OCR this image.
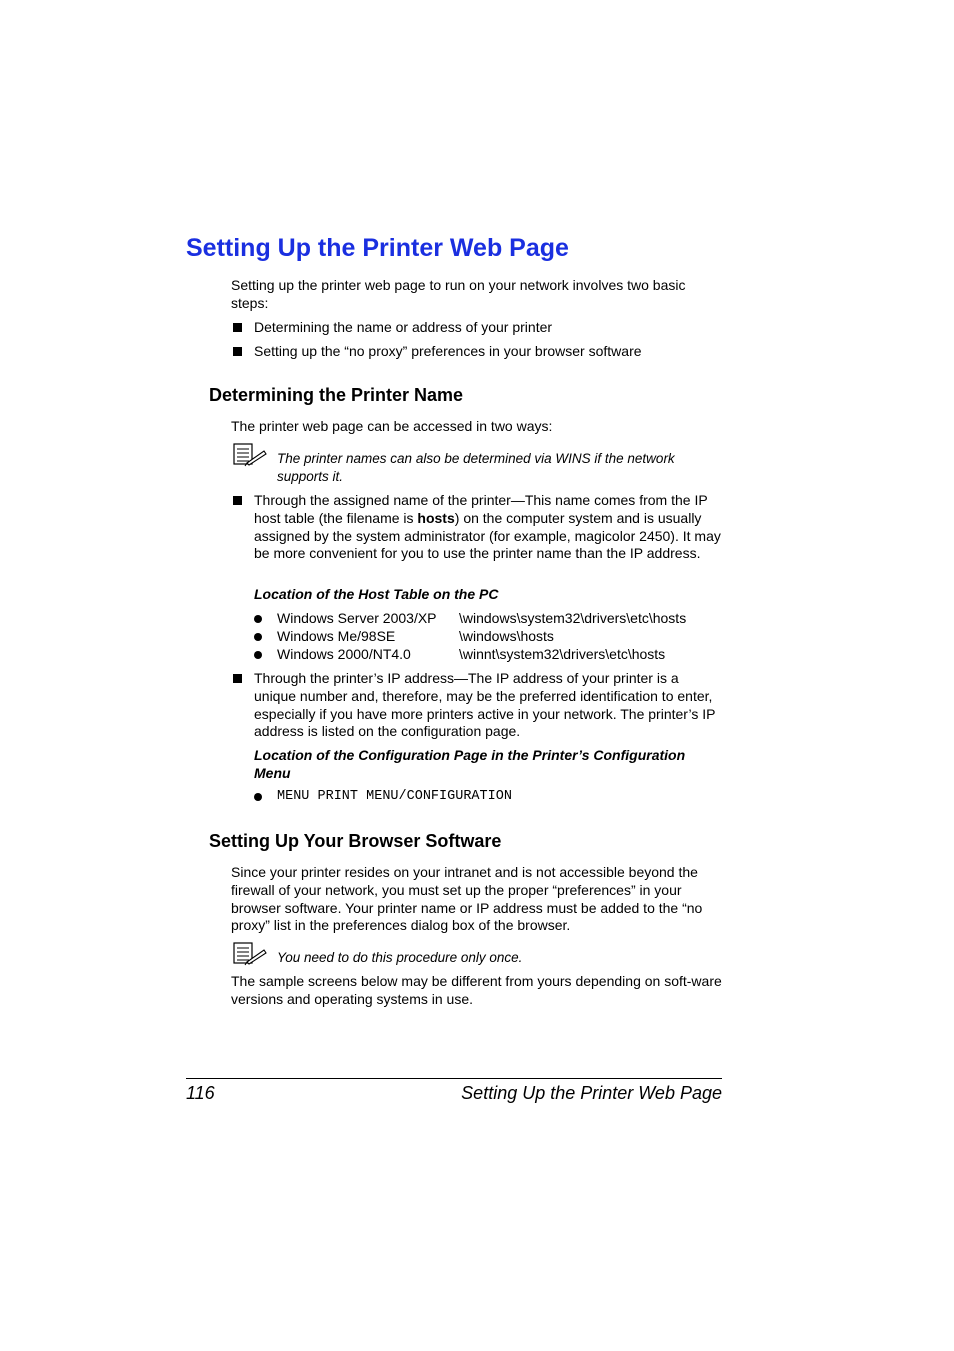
Setting Up the Printer Web Page
Setting up the printer web page to run on your network involves two basic steps:
Determining the name or address of your printer
Setting up the “no proxy” preferences in your browser software
Determining the Printer Name
The printer web page can be accessed in two ways:
The printer names can also be determined via WINS if the network supports it.
Through the assigned name of the printer—This name comes from the IP host table (the filename is hosts) on the computer system and is usually assigned by the system administrator (for example, magicolor 2450). It may be more convenient for you to use the printer name than the IP address.
Location of the Host Table on the PC
Windows Server 2003/XP \windows\system32\drivers\etc\hosts
Windows Me/98SE	\windows\hosts
Windows 2000/NT4.0	\winnt\system32\drivers\etc\hosts
Through the printer’s IP address—The IP address of your printer is a unique number and, therefore, may be the preferred identification to enter, especially if you have more printers active in your network. The printer’s IP address is listed on the configuration page.
Location of the Configuration Page in the Printer’s Configuration Menu
MENU PRINT MENU/CONFIGURATION
Setting Up Your Browser Software
Since your printer resides on your intranet and is not accessible beyond the firewall of your network, you must set up the proper “preferences” in your browser software. Your printer name or IP address must be added to the “no proxy” list in the preferences dialog box of the browser.
You need to do this procedure only once.
The sample screens below may be different from yours depending on soft-ware versions and operating systems in use.
116	Setting Up the Printer Web Page
